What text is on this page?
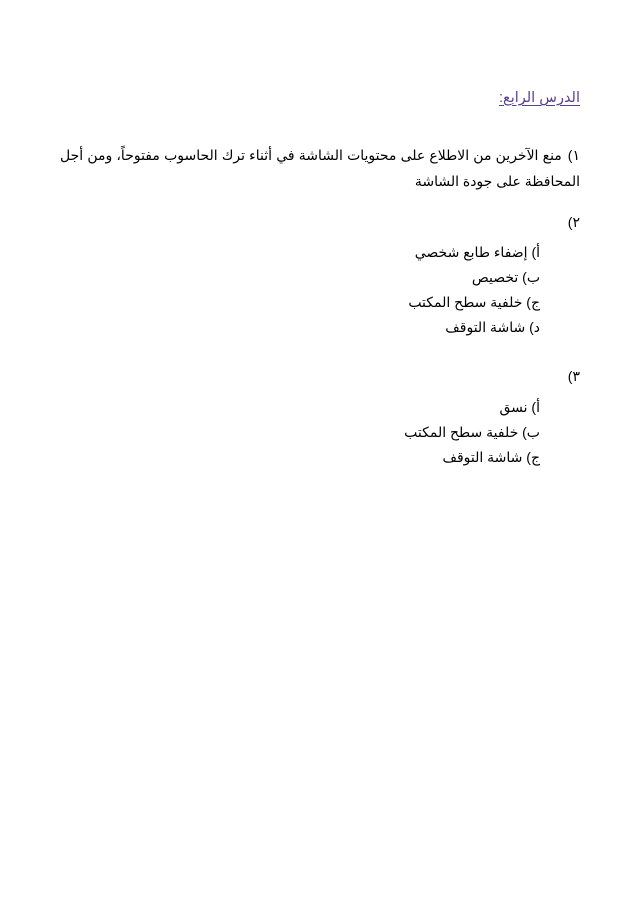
الدرس الرابع:

١)منع الآخرين من الاطلاع على محتويات الشاشة في أثناء ترك الحاسوب مفتوحاً، ومن أجل المحافظة على جودة الشاشة

٢)

أ) إضفاء طابع شخصي
ب) تخصيص
ج) خلفية سطح المكتب
د) شاشة التوقف

٣)

أ) نسق
ب) خلفية سطح المكتب
ج) شاشة التوقف
